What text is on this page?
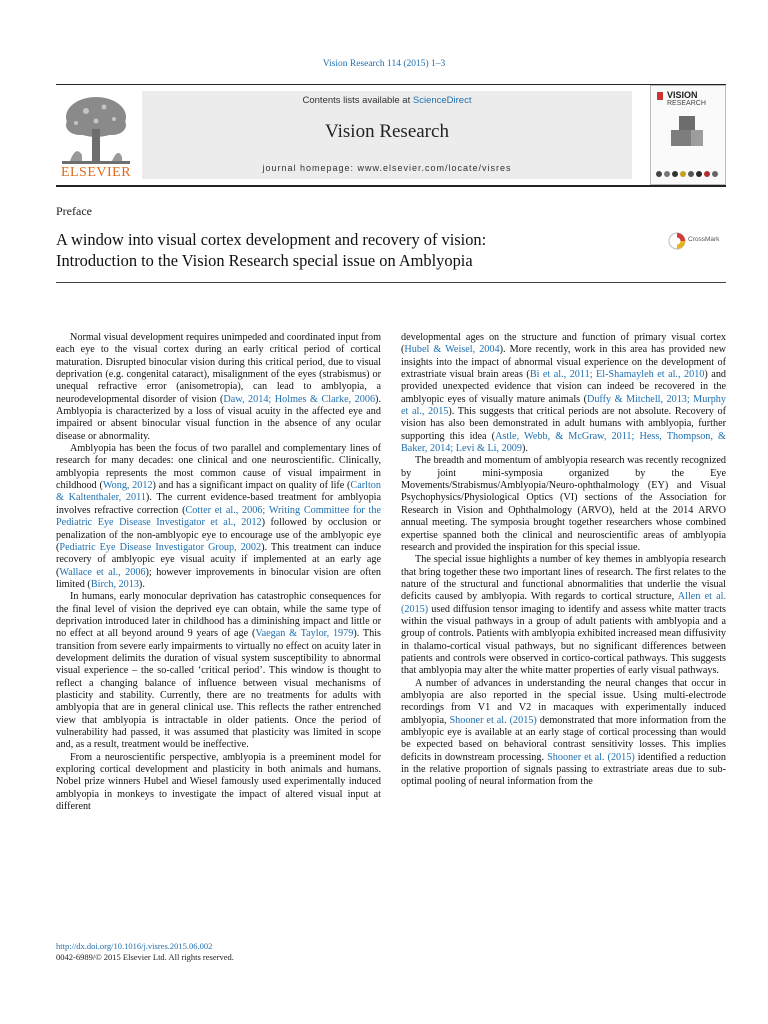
Vision Research 114 (2015) 1–3
ELSEVIER
Contents lists available at ScienceDirect
Vision Research
journal homepage: www.elsevier.com/locate/visres
VISION
RESEARCH
Preface
A window into visual cortex development and recovery of vision:
Introduction to the Vision Research special issue on Amblyopia
CrossMark

Normal visual development requires unimpeded and coordinated input from each eye to the visual cortex during an early critical period of cortical maturation. Disrupted binocular vision during this critical period, due to visual deprivation (e.g. congenital cataract), misalignment of the eyes (strabismus) or unequal refractive error (anisometropia), can lead to amblyopia, a neurodevelopmental disorder of vision (Daw, 2014; Holmes & Clarke, 2006). Amblyopia is characterized by a loss of visual acuity in the affected eye and impaired or absent binocular visual function in the absence of any ocular disease or abnormality.

Amblyopia has been the focus of two parallel and complementary lines of research for many decades: one clinical and one neuroscientific. Clinically, amblyopia represents the most common cause of visual impairment in childhood (Wong, 2012) and has a significant impact on quality of life (Carlton & Kaltenthaler, 2011). The current evidence-based treatment for amblyopia involves refractive correction (Cotter et al., 2006; Writing Committee for the Pediatric Eye Disease Investigator et al., 2012) followed by occlusion or penalization of the non-amblyopic eye to encourage use of the amblyopic eye (Pediatric Eye Disease Investigator Group, 2002). This treatment can induce recovery of amblyopic eye visual acuity if implemented at an early age (Wallace et al., 2006); however improvements in binocular vision are often limited (Birch, 2013).

In humans, early monocular deprivation has catastrophic consequences for the final level of vision the deprived eye can obtain, while the same type of deprivation introduced later in childhood has a diminishing impact and little or no effect at all beyond around 9 years of age (Vaegan & Taylor, 1979). This transition from severe early impairments to virtually no effect on acuity later in development delimits the duration of visual system susceptibility to abnormal visual experience – the so-called ‘critical period’. This window is thought to reflect a changing balance of influence between visual mechanisms of plasticity and stability. Currently, there are no treatments for adults with amblyopia that are in general clinical use. This reflects the rather entrenched view that amblyopia is intractable in older patients. Once the period of vulnerability had passed, it was assumed that plasticity was limited in scope and, as a result, treatment would be ineffective.

From a neuroscientific perspective, amblyopia is a preeminent model for exploring cortical development and plasticity in both animals and humans. Nobel prize winners Hubel and Wiesel famously used experimentally induced amblyopia in monkeys to investigate the impact of altered visual input at different

developmental ages on the structure and function of primary visual cortex (Hubel & Weisel, 2004). More recently, work in this area has provided new insights into the impact of abnormal visual experience on the development of extrastriate visual brain areas (Bi et al., 2011; El-Shamayleh et al., 2010) and provided unexpected evidence that vision can indeed be recovered in the amblyopic eyes of visually mature animals (Duffy & Mitchell, 2013; Murphy et al., 2015). This suggests that critical periods are not absolute. Recovery of vision has also been demonstrated in adult humans with amblyopia, further supporting this idea (Astle, Webb, & McGraw, 2011; Hess, Thompson, & Baker, 2014; Levi & Li, 2009).

The breadth and momentum of amblyopia research was recently recognized by joint mini-symposia organized by the Eye Movements/Strabismus/Amblyopia/Neuro-ophthalmology (EY) and Visual Psychophysics/Physiological Optics (VI) sections of the Association for Research in Vision and Ophthalmology (ARVO), held at the 2014 ARVO annual meeting. The symposia brought together researchers whose combined expertise spanned both the clinical and neuroscientific areas of amblyopia research and provided the inspiration for this special issue.

The special issue highlights a number of key themes in amblyopia research that bring together these two important lines of research. The first relates to the nature of the structural and functional abnormalities that underlie the visual deficits caused by amblyopia. With regards to cortical structure, Allen et al. (2015) used diffusion tensor imaging to identify and assess white matter tracts within the visual pathways in a group of adult patients with amblyopia and a group of controls. Patients with amblyopia exhibited increased mean diffusivity in thalamo-cortical visual pathways, but no significant differences between patients and controls were observed in cortico-cortical pathways. This suggests that amblyopia may alter the white matter properties of early visual pathways.

A number of advances in understanding the neural changes that occur in amblyopia are also reported in the special issue. Using multi-electrode recordings from V1 and V2 in macaques with experimentally induced amblyopia, Shooner et al. (2015) demonstrated that more information from the amblyopic eye is available at an early stage of cortical processing than would be expected based on behavioral contrast sensitivity losses. This implies deficits in downstream processing. Shooner et al. (2015) identified a reduction in the relative proportion of signals passing to extrastriate areas due to sub-optimal pooling of neural information from the

http://dx.doi.org/10.1016/j.visres.2015.06.002
0042-6989/© 2015 Elsevier Ltd. All rights reserved.
